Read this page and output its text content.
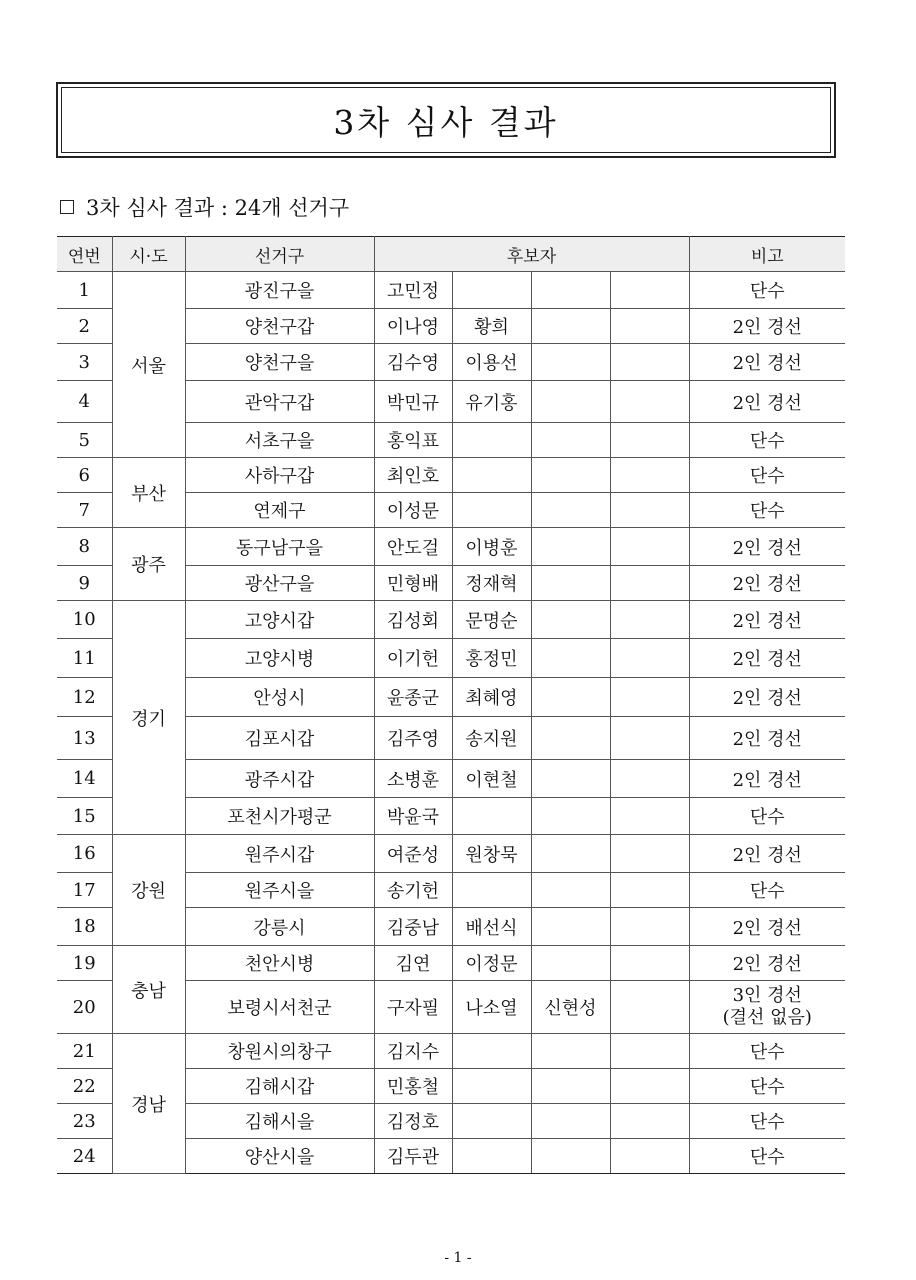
3차 심사 결과
3차 심사 결과 : 24개 선거구
연번	시·도	선거구	후보자				비고
1	서울	광진구을	고민정				단수
2		양천구갑	이나영	황희			2인 경선
3		양천구을	김수영	이용선			2인 경선
4		관악구갑	박민규	유기홍			2인 경선
5		서초구을	홍익표				단수
6	부산	사하구갑	최인호				단수
7		연제구	이성문				단수
8	광주	동구남구을	안도걸	이병훈			2인 경선
9		광산구을	민형배	정재혁			2인 경선
10	경기	고양시갑	김성회	문명순			2인 경선
11		고양시병	이기헌	홍정민			2인 경선
12		안성시	윤종군	최혜영			2인 경선
13		김포시갑	김주영	송지원			2인 경선
14		광주시갑	소병훈	이현철			2인 경선
15		포천시가평군	박윤국				단수
16	강원	원주시갑	여준성	원창묵			2인 경선
17		원주시을	송기헌				단수
18		강릉시	김중남	배선식			2인 경선
19	충남	천안시병	김연	이정문			2인 경선
20		보령시서천군	구자필	나소열	신현성		3인 경선
(결선 없음)

21	경남	창원시의창구	김지수				단수
22		김해시갑	민홍철				단수
23		김해시을	김정호				단수
24		양산시을	김두관				단수
- 1 -
